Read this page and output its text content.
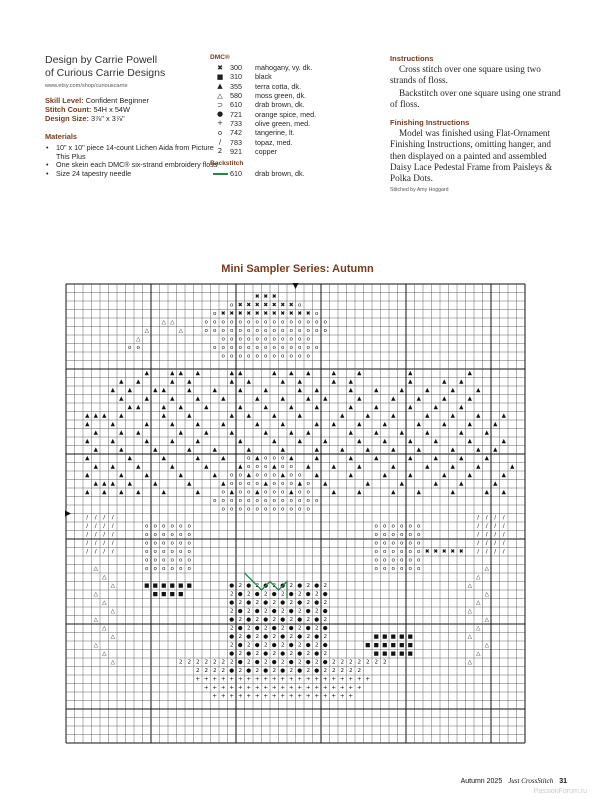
Design by Carrie Powell
of Curious Carrie Designs
www.etsy.com/shop/curiouscarrie
Skill Level: Confident Beginner
Stitch Count: 54H x 54W
Design Size: 3⅞" x 3⅞"
Materials
• 10" x 10" piece 14-count Lichen Aida from Picture This Plus
• One skein each DMC® six-strand embroidery floss
• Size 24 tapestry needle
DMC®
✖ 300	mahogany, vy. dk.
■ 310	black
▲	355	terra cotta, dk.
△	580	moss green, dk.
⊃ 610	drab brown, dk.
● 721	orange spice, med.
+ 733	olive green, med.
o	742	tangerine, lt.
/	783	topaz, med.
2	921	copper
Backstitch
610	drab brown, dk.
Instructions

Cross stitch over one square using two strands of floss.

Backstitch over one square using one strand of floss.

Finishing Instructions

Model was finished using Flat-Ornament Finishing Instructions, omitting hanger, and then displayed on a painted and assembled Daisy Lace Pedestal Frame from Paisleys & Polka Dots.

Stitched by Amy Hoggard
Mini Sampler Series: Autumn
✖ ✖ ✖
✖ ✖ ✖ ✖ ✖ ✖ ✖
o	o
✖ ✖ ✖ ✖ ✖ ✖ ✖ ✖ ✖ ✖ ✖
o	o
o o o o o o o o o o o o o o o
o o o o o o o o o o o o o o o
o o o o o o o o o o o
o o o o o o o o o o o o o
o o o o o o o o o o o
△ △
△	△
△
o o
▲	▲ ▲ ▲	▲ ▲	▲ ▲ ▲	▲	▲	▲	▲
▲ ▲	▲ ▲	▲ ▲	▲ ▲	▲ ▲	▲	▲ ▲
▲ ▲	▲ ▲	▲	▲	▲	▲	▲ ▲	▲	▲	▲	▲	▲	▲
▲	▲	▲	▲	▲	▲	▲	▲ ▲	▲	▲	▲	▲	▲
▲ ▲	▲ ▲	▲	▲	▲	▲	▲	▲	▲	▲	▲	▲
▲ ▲ ▲ ▲	▲	▲	▲ ▲	▲	▲	▲	▲	▲	▲	▲	▲	▲
▲	▲	▲	▲	▲	▲	▲	▲	▲ ▲	▲	▲	▲	▲	▲	▲
▲	▲ ▲	▲	▲	▲	▲	▲ ▲	▲	▲	▲	▲	▲	▲
▲	▲	▲	▲	▲	▲	▲	▲	▲	▲	▲	▲	▲	▲	▲
▲	▲	▲	▲	▲	▲	▲	▲	▲	▲	▲	▲	▲	▲ ▲
▲	▲	▲	▲	▲	▲	▲	▲	▲	▲	▲	▲	▲	▲
▲ ▲	▲	▲	▲	▲	▲	▲	▲	▲	▲	▲	▲	▲	▲
▲	▲	▲	▲	▲	▲	▲	▲	▲	▲	▲	▲	▲	▲
▲ ▲ ▲ ▲	▲	▲	▲	▲	▲	▲	▲	▲	▲	▲	▲
▲ ▲ ▲ ▲	▲	▲	▲	▲	▲	▲	▲	▲	▲	▲	▲ ▲
o o o o
o o o o o
o o o o o o o
o o o o o o o o
o o o o o o o o
o o o o o o o o o o o o o
o o o o o o o o o o o
/ / / /	/ / / /
/ / / /	/ / / /
/ / / /	/ / / /
/ / / /	/ / / /
/ / / /	/ / / /
✖ ✖ ✖ ✖ ✖
o o o o o o	o o o o o o
o o o o o o	o o o o o o
o o o o o o	o o o o o o
o o o o o o	o o o o o o
o o o o o o	o o o o o o
o o o o o o	o o o o o o
△	△
△	△
△	△
△	△
△	△
△	△
△	△
△	△
△	△
△	△
△	△
△	△
■ ■ ■ ■ ■ ■
■ ■ ■ ■
■ ■ ■ ■ ■
■ ■ ■ ■ ■ ■
■ ■ ■ ■ ■
● 2 ● 2 ● 2 ● 2 ● 2 ● 2
2 ● 2 ● 2 ● 2 ● 2 ● 2 ●
● 2 ● 2 ● 2 ● 2 ● 2 ● 2
2 ● 2 ● 2 ● 2 ● 2 ● 2 ●
● 2 ● 2 ● 2 ● 2 ● 2 ● 2
2 ● 2 ● 2 ● 2 ● 2 ● 2 ●
● 2 ● 2 ● 2 ● 2 ● 2 ● 2
2 ● 2 ● 2 ● 2 ● 2 ● 2 ●
● 2 ● 2 ● 2 ● 2 ● 2 ● 2
2 ● 2 ● 2 ● 2 ● 2 ● 2 ●
● 2 ● 2 ● 2 ● 2 ● 2 ● 2
+ + + + + + + + + + + + + + + + + + + + +
+ + + + + + + + + + + + + + + + + + +
+ + + + + + + + + + + + + + + + +
2 2 2 2 2 2	2 2 2 2 2 2 2
2 2 2 2	2 2 2 2
Autumn 2025 Just CrossStitch 31
PassionForum.ru
